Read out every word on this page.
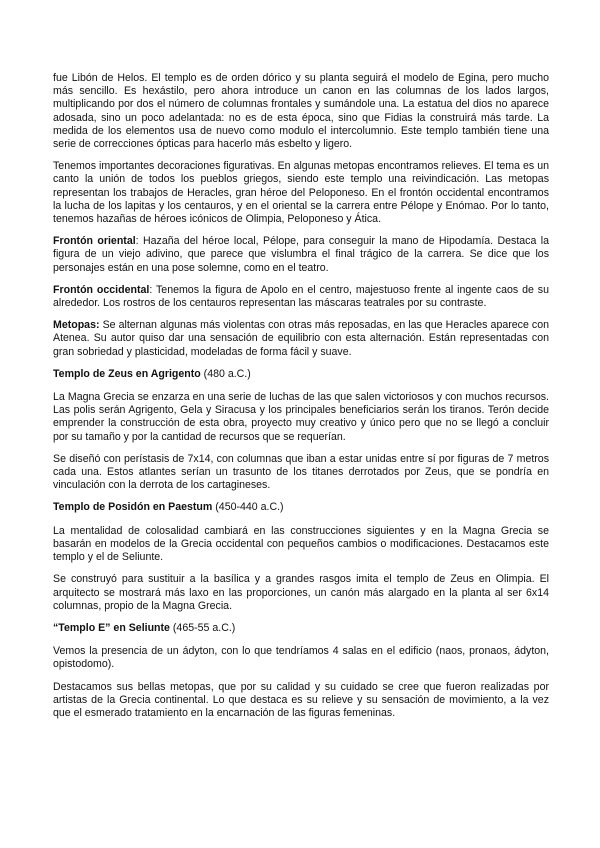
fue Libón de Helos. El templo es de orden dórico y su planta seguirá el modelo de Egina, pero mucho más sencillo. Es hexástilo, pero ahora introduce un canon en las columnas de los lados largos, multiplicando por dos el número de columnas frontales y sumándole una. La estatua del dios no aparece adosada, sino un poco adelantada: no es de esta época, sino que Fidias la construirá más tarde. La medida de los elementos usa de nuevo como modulo el intercolumnio. Este templo también tiene una serie de correcciones ópticas para hacerlo más esbelto y ligero.

Tenemos importantes decoraciones figurativas. En algunas metopas encontramos relieves. El tema es un canto la unión de todos los pueblos griegos, siendo este templo una reivindicación. Las metopas representan los trabajos de Heracles, gran héroe del Peloponeso. En el frontón occidental encontramos la lucha de los lapitas y los centauros, y en el oriental se la carrera entre Pélope y Enómao. Por lo tanto, tenemos hazañas de héroes icónicos de Olimpia, Peloponeso y Ática.

Frontón oriental: Hazaña del héroe local, Pélope, para conseguir la mano de Hipodamía. Destaca la figura de un viejo adivino, que parece que vislumbra el final trágico de la carrera. Se dice que los personajes están en una pose solemne, como en el teatro.

Frontón occidental: Tenemos la figura de Apolo en el centro, majestuoso frente al ingente caos de su alrededor. Los rostros de los centauros representan las máscaras teatrales por su contraste.

Metopas: Se alternan algunas más violentas con otras más reposadas, en las que Heracles aparece con Atenea. Su autor quiso dar una sensación de equilibrio con esta alternación. Están representadas con gran sobriedad y plasticidad, modeladas de forma fácil y suave.

Templo de Zeus en Agrigento (480 a.C.)

La Magna Grecia se enzarza en una serie de luchas de las que salen victoriosos y con muchos recursos. Las polis serán Agrigento, Gela y Siracusa y los principales beneficiarios serán los tiranos. Terón decide emprender la construcción de esta obra, proyecto muy creativo y único pero que no se llegó a concluir por su tamaño y por la cantidad de recursos que se requerían.

Se diseñó con perístasis de 7x14, con columnas que iban a estar unidas entre sí por figuras de 7 metros cada una. Estos atlantes serían un trasunto de los titanes derrotados por Zeus, que se pondría en vinculación con la derrota de los cartagineses.

Templo de Posidón en Paestum (450-440 a.C.)

La mentalidad de colosalidad cambiará en las construcciones siguientes y en la Magna Grecia se basarán en modelos de la Grecia occidental con pequeños cambios o modificaciones. Destacamos este templo y el de Seliunte.

Se construyó para sustituir a la basílica y a grandes rasgos imita el templo de Zeus en Olimpia. El arquitecto se mostrará más laxo en las proporciones, un canón más alargado en la planta al ser 6x14 columnas, propio de la Magna Grecia.

“Templo E” en Seliunte (465-55 a.C.)

Vemos la presencia de un ádyton, con lo que tendríamos 4 salas en el edificio (naos, pronaos, ádyton, opistodomo).

Destacamos sus bellas metopas, que por su calidad y su cuidado se cree que fueron realizadas por artistas de la Grecia continental. Lo que destaca es su relieve y su sensación de movimiento, a la vez que el esmerado tratamiento en la encarnación de las figuras femeninas.
